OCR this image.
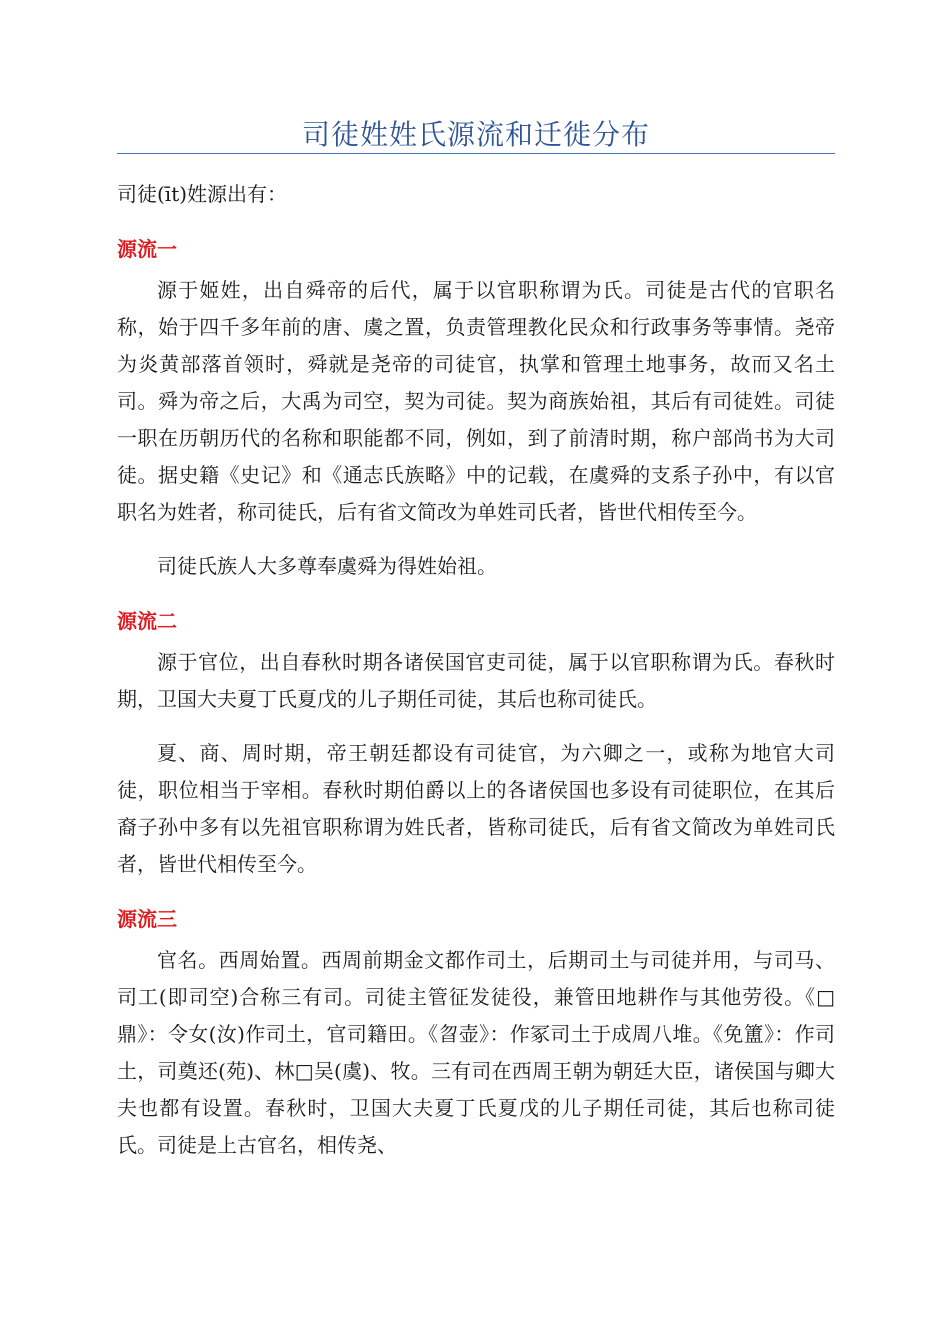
司徒姓姓氏源流和迁徙分布

司徒(īt)姓源出有：

源流一

源于姬姓，出自舜帝的后代，属于以官职称谓为氏。司徒是古代的官职名称，始于四千多年前的唐、虞之置，负责管理教化民众和行政事务等事情。尧帝为炎黄部落首领时，舜就是尧帝的司徒官，执掌和管理土地事务，故而又名土司。舜为帝之后，大禹为司空，契为司徒。契为商族始祖，其后有司徒姓。司徒一职在历朝历代的名称和职能都不同，例如，到了前清时期，称户部尚书为大司徒。据史籍《史记》和《通志氏族略》中的记载，在虞舜的支系子孙中，有以官职名为姓者，称司徒氏，后有省文简改为单姓司氏者，皆世代相传至今。

司徒氏族人大多尊奉虞舜为得姓始祖。

源流二

源于官位，出自春秋时期各诸侯国官吏司徒，属于以官职称谓为氏。春秋时期，卫国大夫夏丁氏夏戊的儿子期任司徒，其后也称司徒氏。

夏、商、周时期，帝王朝廷都设有司徒官，为六卿之一，或称为地官大司徒，职位相当于宰相。春秋时期伯爵以上的各诸侯国也多设有司徒职位，在其后裔子孙中多有以先祖官职称谓为姓氏者，皆称司徒氏，后有省文简改为单姓司氏者，皆世代相传至今。

源流三

官名。西周始置。西周前期金文都作司土，后期司土与司徒并用，与司马、司工(即司空)合称三有司。司徒主管征发徒役，兼管田地耕作与其他劳役。《□鼎》：令女(汝)作司土，官司籍田。《曶壶》：作冢司土于成周八堆。《免簠》：作司土，司奠还(苑)、林□吴(虞)、牧。三有司在西周王朝为朝廷大臣，诸侯国与卿大夫也都有设置。春秋时，卫国大夫夏丁氏夏戊的儿子期任司徒，其后也称司徒氏。司徒是上古官名，相传尧、
